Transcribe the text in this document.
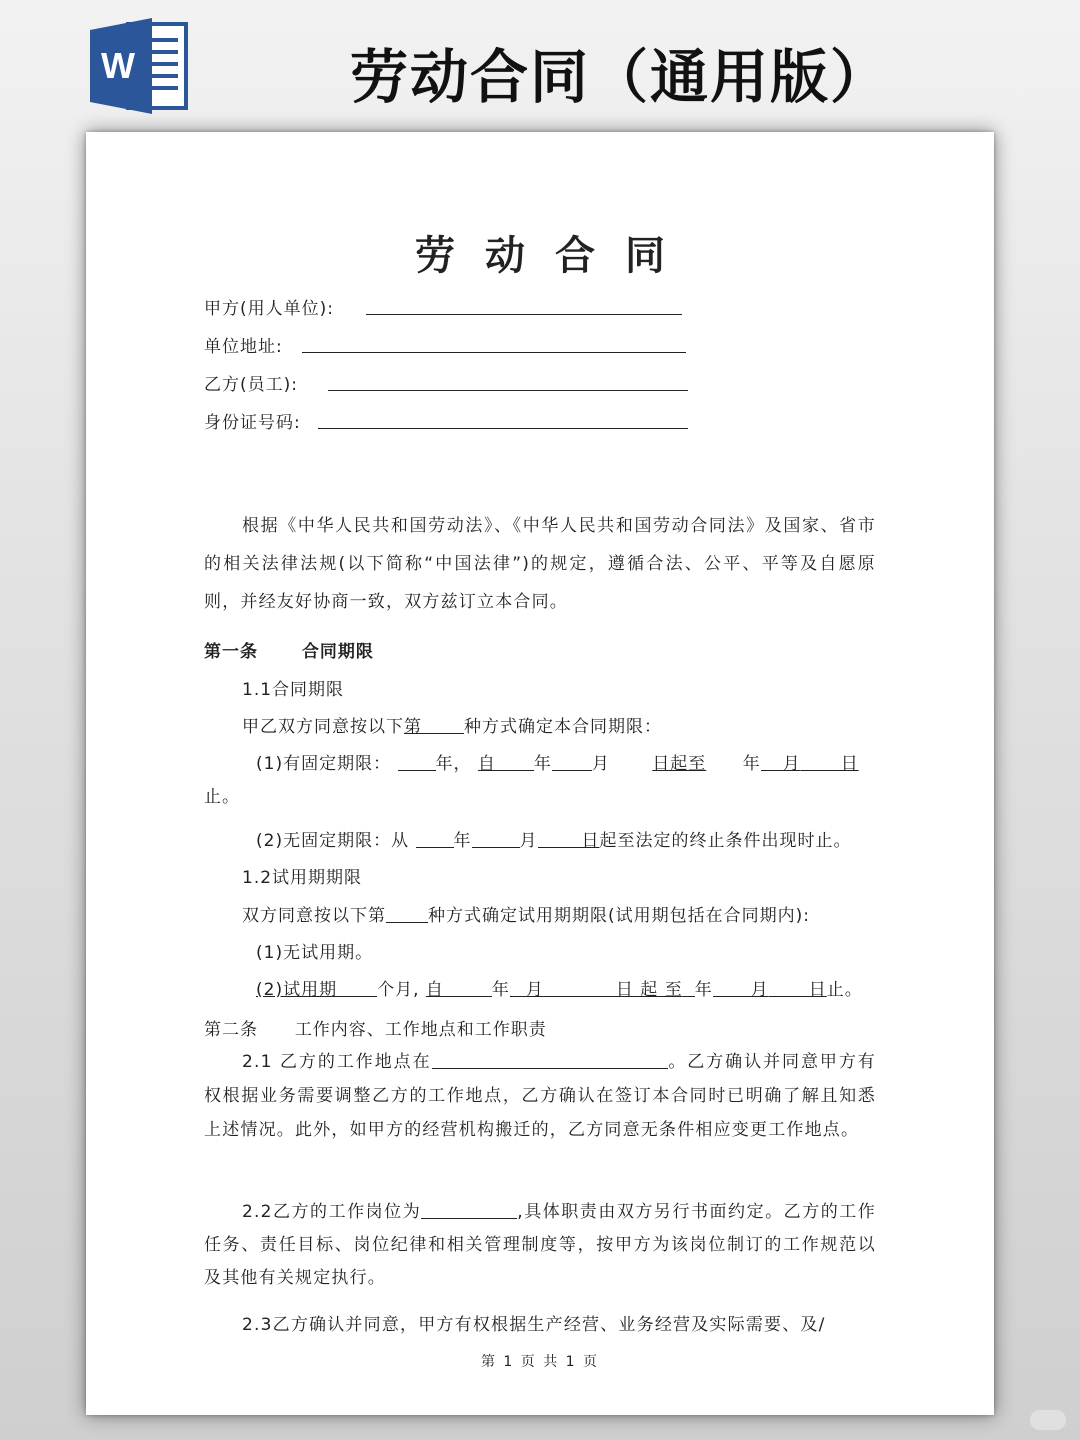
W	劳动合同（通用版）
劳动合同
甲方(用人单位):
单位地址:
乙方(员工):
身份证号码:

根据《中华人民共和国劳动法》、《中华人民共和国劳动合同法》及国家、省市的相关法律法规(以下简称“中国法律”)的规定，遵循合法、公平、平等及自愿原则，并经友好协商一致，双方兹订立本合同。

第一条	合同期限
1.1合同期限
甲乙双方同意按以下第 种方式确定本合同期限：
(1)有固定期限：	年， 自 年 月 日起至 年 月 日
止。
(2)无固定期限：从	年	月	日起至法定的终止条件出现时止。
1.2试用期期限
双方同意按以下第 种方式确定试用期期限(试用期包括在合同期内):
(1)无试用期。
(2)试用期 个月, 自	年 月	日 起 至 年 月 日止。
第二条 工作内容、工作地点和工作职责

2.1 乙方的工作地点在	。乙方确认并同意甲方有权根据业务需要调整乙方的工作地点，乙方确认在签订本合同时已明确了解且知悉上述情况。此外，如甲方的经营机构搬迁的，乙方同意无条件相应变更工作地点。

2.2乙方的工作岗位为	,具体职责由双方另行书面约定。乙方的工作任务、责任目标、岗位纪律和相关管理制度等，按甲方为该岗位制订的工作规范以及其他有关规定执行。

2.3乙方确认并同意，甲方有权根据生产经营、业务经营及实际需要、及/

第 1 页 共 1 页
